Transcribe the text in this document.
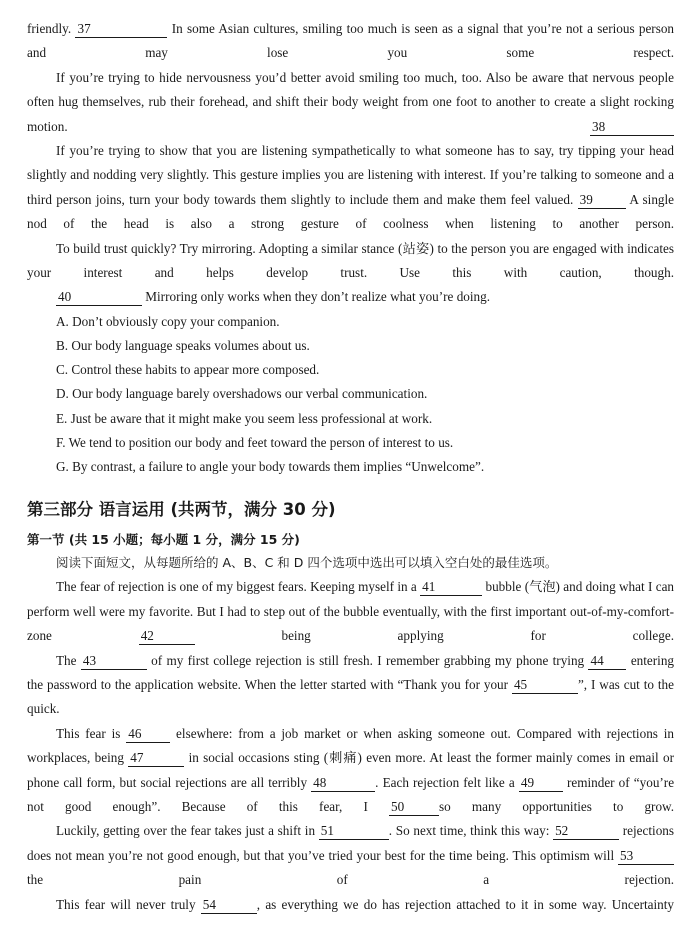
friendly. 37	In some Asian cultures, smiling too much is seen as a signal that you’re not a serious person and may lose you some respect.

If you’re trying to hide nervousness you’d better avoid smiling too much, too. Also be aware that nervous people often hug themselves, rub their forehead, and shift their body weight from one foot to another to create a slight rocking motion.	38

If you’re trying to show that you are listening sympathetically to what someone has to say, try tipping your head slightly and nodding very slightly. This gesture implies you are listening with interest. If you’re talking to someone and a third person joins, turn your body towards them slightly to include them and make them feel valued. 39	A single nod of the head is also a strong gesture of coolness when listening to another person.

To build trust quickly? Try mirroring. Adopting a similar stance (站姿) to the person you are engaged with indicates your interest and helps develop trust. Use this with caution, though.

40	Mirroring only works when they don’t realize what you’re doing.

A. Don’t obviously copy your companion.

B. Our body language speaks volumes about us.

C. Control these habits to appear more composed.

D. Our body language barely overshadows our verbal communication.

E. Just be aware that it might make you seem less professional at work.

F. We tend to position our body and feet toward the person of interest to us.

G. By contrast, a failure to angle your body towards them implies “Unwelcome”.

第三部分 语言运用 (共两节，满分 30 分)
第一节 (共 15 小题；每小题 1 分，满分 15 分)
阅读下面短文，从每题所给的 A、B、C 和 D 四个选项中选出可以填入空白处的最佳选项。

The fear of rejection is one of my biggest fears. Keeping myself in a 41	bubble (气泡) and doing what I can perform well were my favorite. But I had to step out of the bubble eventually, with the first important out-of-my-comfort-zone	42	being applying for college.

The 43	of my first college rejection is still fresh. I remember grabbing my phone trying 44 entering the password to the application website. When the letter started with “Thank you for your 45	”, I was cut to the quick.

This fear is 46	elsewhere: from a job market or when asking someone out. Compared with rejections in workplaces, being 47	in social occasions sting (刺痛) even more. At least the former mainly comes in email or phone call form, but social rejections are all terribly 48	. Each rejection felt like a 49 reminder of “you’re not good enough”. Because of this fear, I 50	so many opportunities to grow.

Luckily, getting over the fear takes just a shift in 51	. So next time, think this way: 52	rejections does not mean you’re not good enough, but that you’ve tried your best for the time being. This optimism will 53 the pain of a rejection.

This fear will never truly 54	, as everything we do has rejection attached to it in some way. Uncertainty
